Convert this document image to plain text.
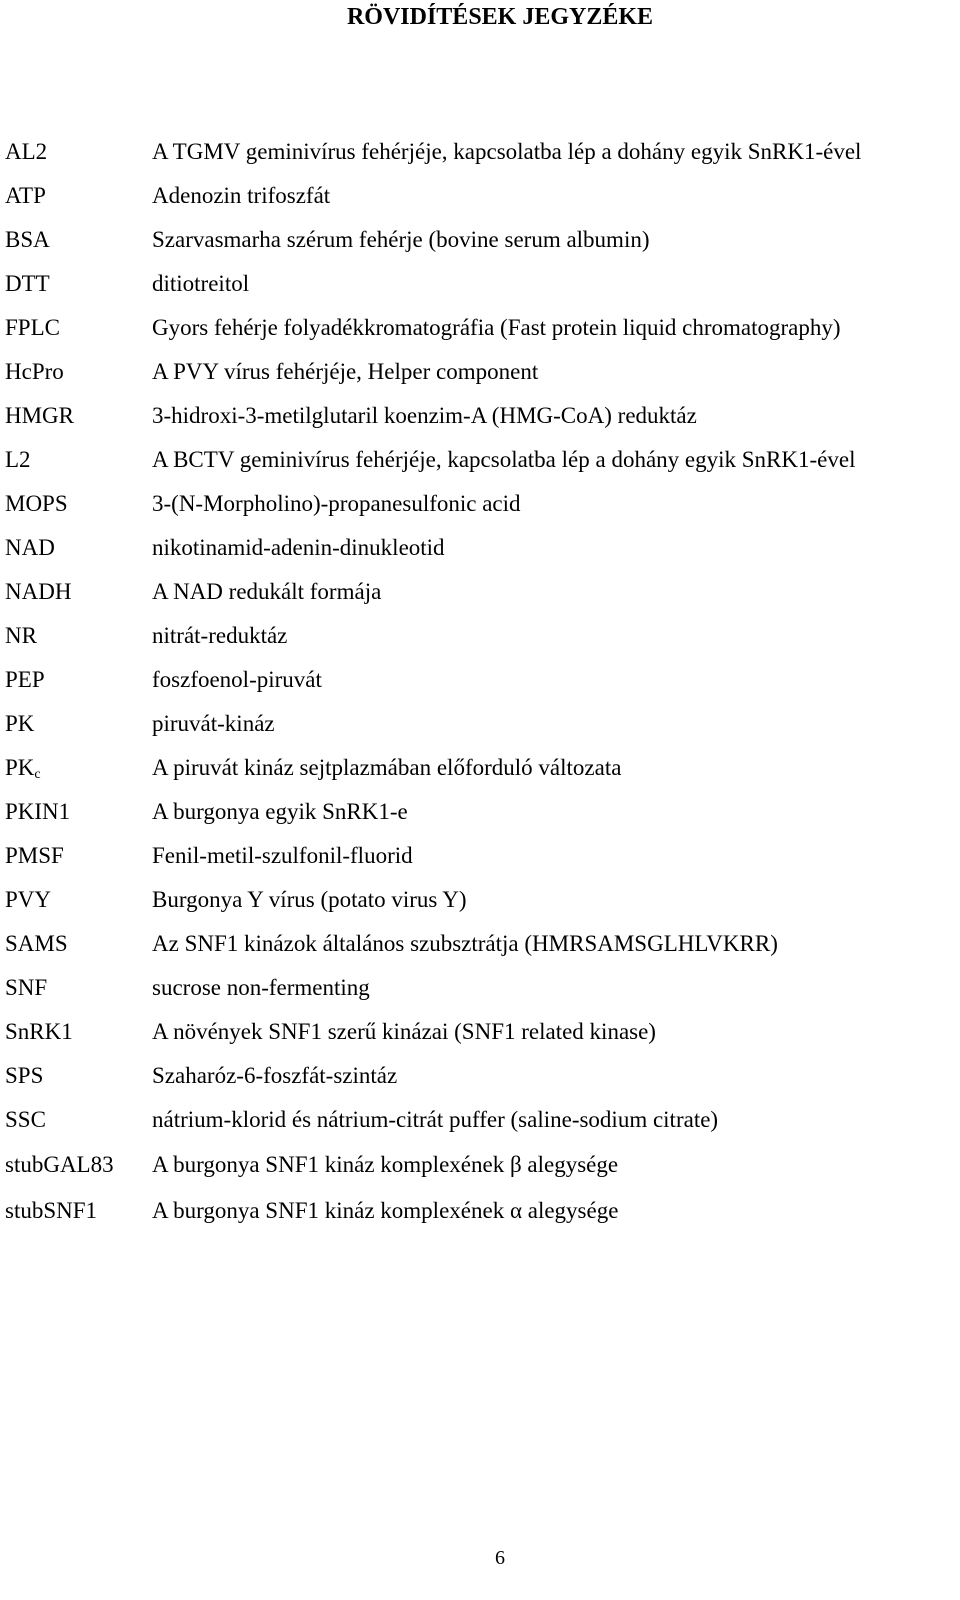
RÖVIDÍTÉSEK JEGYZÉKE
AL2	A TGMV geminivírus fehérjéje, kapcsolatba lép a dohány egyik SnRK1-ével
ATP	Adenozin trifoszfát
BSA	Szarvasmarha szérum fehérje (bovine serum albumin)
DTT	ditiotreitol
FPLC	Gyors fehérje folyadékkromatográfia (Fast protein liquid chromatography)
HcPro	A PVY vírus fehérjéje, Helper component
HMGR	3-hidroxi-3-metilglutaril koenzim-A (HMG-CoA) reduktáz
L2	A BCTV geminivírus fehérjéje, kapcsolatba lép a dohány egyik SnRK1-ével
MOPS	3-(N-Morpholino)-propanesulfonic acid
NAD	nikotinamid-adenin-dinukleotid
NADH	A NAD redukált formája
NR	nitrát-reduktáz
PEP	foszfoenol-piruvát
PK	piruvát-kináz
$PK_c$	A piruvát kináz sejtplazmában előforduló változata
PKIN1	A burgonya egyik SnRK1-e
PMSF	Fenil-metil-szulfonil-fluorid
PVY	Burgonya Y vírus (potato virus Y)
SAMS	Az SNF1 kinázok általános szubsztrátja (HMRSAMSGLHLVKRR)
SNF	sucrose non-fermenting
SnRK1	A növények SNF1 szerű kinázai (SNF1 related kinase)
SPS	Szaharóz-6-foszfát-szintáz
SSC	nátrium-klorid és nátrium-citrát puffer (saline-sodium citrate)
stubGAL83	A burgonya SNF1 kináz komplexének β alegysége
stubSNF1	A burgonya SNF1 kináz komplexének α alegysége
6
